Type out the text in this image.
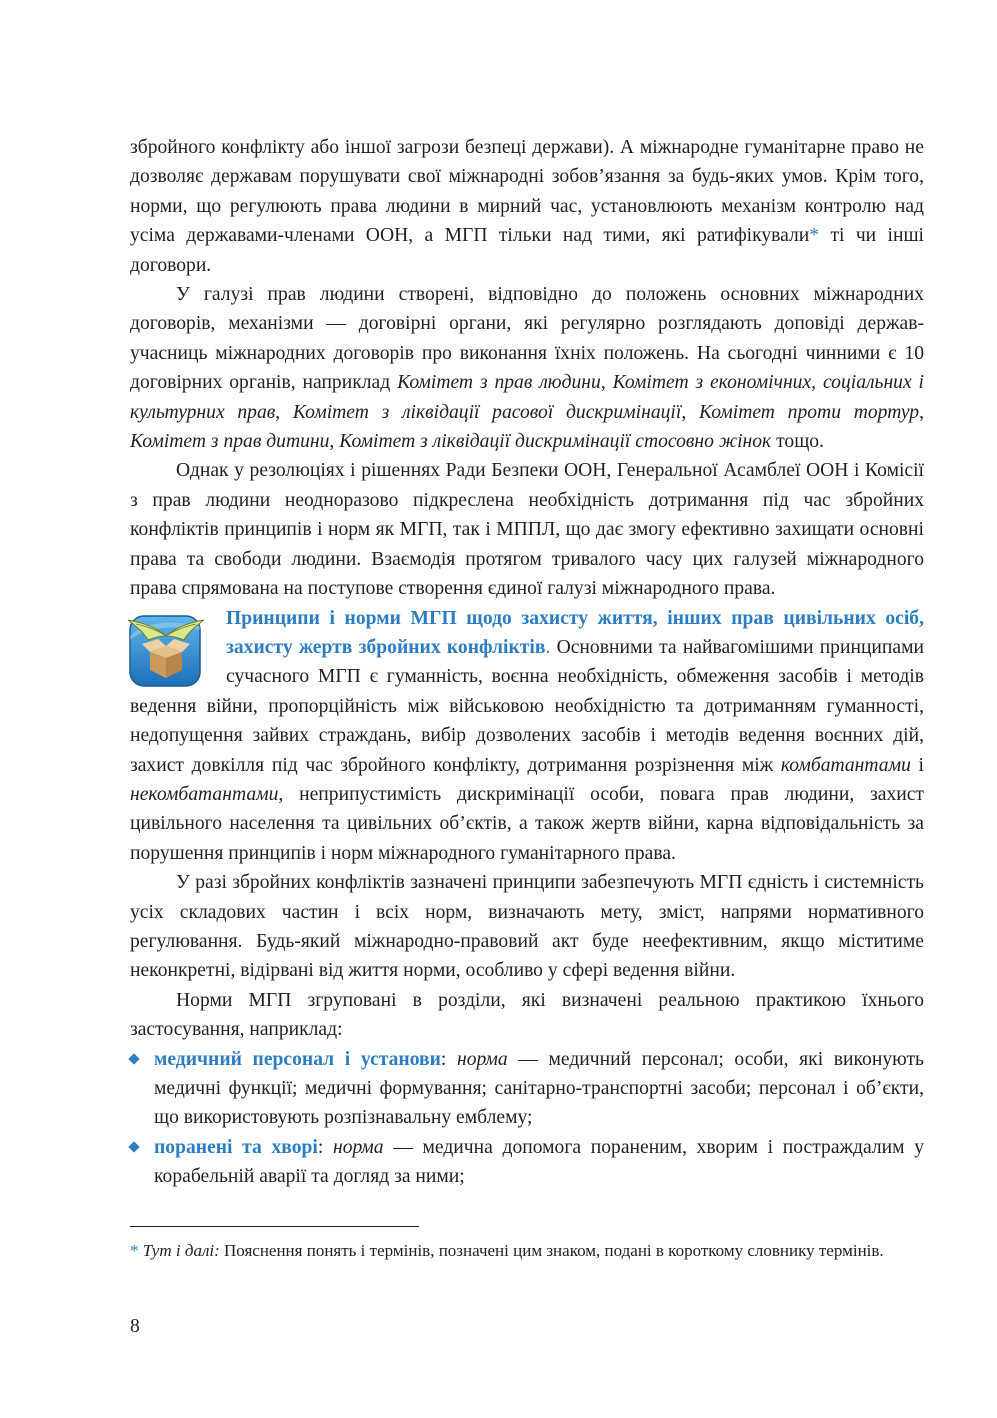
збройного конфлікту або іншої загрози безпеці держави). А міжнародне гуманітарне право не дозволяє державам порушувати свої міжнародні зобов’язання за будь-яких умов. Крім того, норми, що регулюють права людини в мирний час, установлюють механізм контролю над усіма державами-членами ООН, а МГП тільки над тими, які ратифікували* ті чи інші договори.

У галузі прав людини створені, відповідно до положень основних міжнародних договорів, механізми — договірні органи, які регулярно розглядають доповіді держав-учасниць міжнародних договорів про виконання їхніх положень. На сьогодні чинними є 10 договірних органів, наприклад Комітет з прав людини, Комітет з економічних, соціальних і культурних прав, Комітет з ліквідації расової дискримінації, Комітет проти тортур, Комітет з прав дитини, Комітет з ліквідації дискримінації стосовно жінок тощо.

Однак у резолюціях і рішеннях Ради Безпеки ООН, Генеральної Асамблеї ООН і Комісії з прав людини неодноразово підкреслена необхідність дотримання під час збройних конфліктів принципів і норм як МГП, так і МППЛ, що дає змогу ефективно захищати основні права та свободи людини. Взаємодія протягом тривалого часу цих галузей міжнародного права спрямована на поступове створення єдиної галузі міжнародного права.

Принципи і норми МГП щодо захисту життя, інших прав цивільних осіб, захисту жертв збройних конфліктів. Основними та найвагомішими принципами сучасного МГП є гуманність, воєнна необхідність, обмеження засобів і методів ведення війни, пропорційність між військовою необхідністю та дотриманням гуманності, недопущення зайвих страждань, вибір дозволених засобів і методів ведення воєнних дій, захист довкілля під час збройного конфлікту, дотримання розрізнення між комбатантами і некомбатантами, неприпустимість дискримінації особи, повага прав людини, захист цивільного населення та цивільних об’єктів, а також жертв війни, карна відповідальність за порушення принципів і норм міжнародного гуманітарного права.

У разі збройних конфліктів зазначені принципи забезпечують МГП єдність і системність усіх складових частин і всіх норм, визначають мету, зміст, напрями нормативного регулювання. Будь-який міжнародно-правовий акт буде неефективним, якщо міститиме неконкретні, відірвані від життя норми, особливо у сфері ведення війни.

Норми МГП згруповані в розділи, які визначені реальною практикою їхнього застосування, наприклад:

медичний персонал і установи: норма — медичний персонал; особи, які виконують медичні функції; медичні формування; санітарно-транспортні засоби; персонал і об’єкти, що використовують розпізнавальну емблему;
поранені та хворі: норма — медична допомога пораненим, хворим і постраждалим у корабельній аварії та догляд за ними;
* Тут і далі: Пояснення понять і термінів, позначені цим знаком, подані в короткому словнику термінів.
8
